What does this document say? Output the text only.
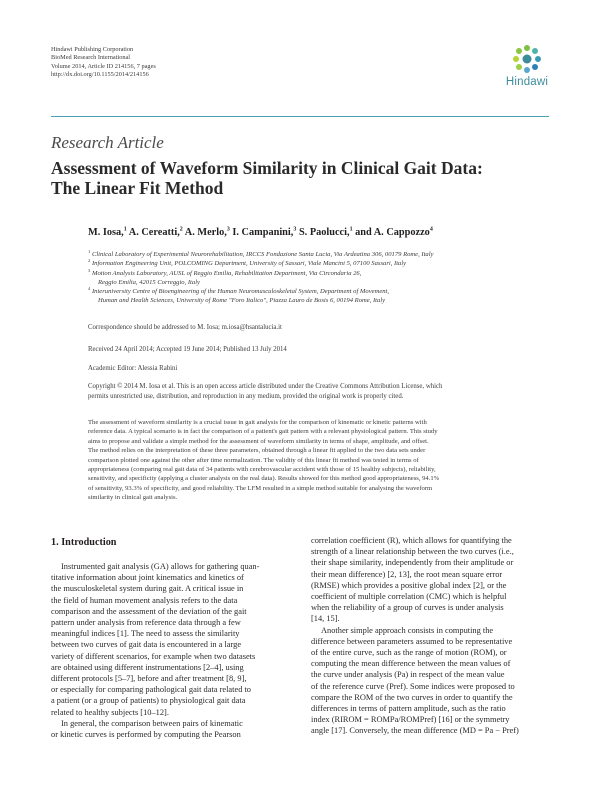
Hindawi Publishing Corporation
BioMed Research International
Volume 2014, Article ID 214156, 7 pages
http://dx.doi.org/10.1155/2014/214156
Hindawi
Research Article
Assessment of Waveform Similarity in Clinical Gait Data:
The Linear Fit Method
M. Iosa,$^1$ A. Cereatti,$^2$ A. Merlo,$^3$ I. Campanini,$^3$ S. Paolucci,$^1$ and A. Cappozzo$^4$
$^1$ Clinical Laboratory of Experimental Neurorehabilitation, IRCCS Fondazione Santa Lucia, Via Ardeatina 306, 00179 Rome, Italy
$^2$ Information Engineering Unit, POLCOMING Department, University of Sassari, Viale Mancini 5, 07100 Sassari, Italy
$^3$ Motion Analysis Laboratory, AUSL of Reggio Emilia, Rehabilitation Department, Via Circondaria 26,
Reggio Emilia, 42015 Correggio, Italy
$^4$ Interuniversity Centre of Bioengineering of the Human Neuromusculoskeletal System, Department of Movement,
Human and Health Sciences, University of Rome "Foro Italico", Piazza Lauro de Bosis 6, 00194 Rome, Italy
Correspondence should be addressed to M. Iosa; m.iosa@hsantalucia.it
Received 24 April 2014; Accepted 19 June 2014; Published 13 July 2014
Academic Editor: Alessia Rabini
Copyright © 2014 M. Iosa et al. This is an open access article distributed under the Creative Commons Attribution License, which
permits unrestricted use, distribution, and reproduction in any medium, provided the original work is properly cited.
The assessment of waveform similarity is a crucial issue in gait analysis for the comparison of kinematic or kinetic patterns with
reference data. A typical scenario is in fact the comparison of a patient's gait pattern with a relevant physiological pattern. This study
aims to propose and validate a simple method for the assessment of waveform similarity in terms of shape, amplitude, and offset.
The method relies on the interpretation of these three parameters, obtained through a linear fit applied to the two data sets under
comparison plotted one against the other after time normalization. The validity of this linear fit method was tested in terms of
appropriateness (comparing real gait data of 34 patients with cerebrovascular accident with those of 15 healthy subjects), reliability,
sensitivity, and specificity (applying a cluster analysis on the real data). Results showed for this method good appropriateness, 94.1%
of sensitivity, 93.3% of specificity, and good reliability. The LFM resulted in a simple method suitable for analysing the waveform
similarity in clinical gait analysis.
1. Introduction
Instrumented gait analysis (GA) allows for gathering quan-
titative information about joint kinematics and kinetics of
the musculoskeletal system during gait. A critical issue in
the field of human movement analysis refers to the data
comparison and the assessment of the deviation of the gait
pattern under analysis from reference data through a few
meaningful indices [1]. The need to assess the similarity
between two curves of gait data is encountered in a large
variety of different scenarios, for example when two datasets
are obtained using different instrumentations [2–4], using
different protocols [5–7], before and after treatment [8, 9],
or especially for comparing pathological gait data related to
a patient (or a group of patients) to physiological gait data
related to healthy subjects [10–12].
In general, the comparison between pairs of kinematic
or kinetic curves is performed by computing the Pearson
correlation coefficient (R), which allows for quantifying the
strength of a linear relationship between the two curves (i.e.,
their shape similarity, independently from their amplitude or
their mean difference) [2, 13], the root mean square error
(RMSE) which provides a positive global index [2], or the
coefficient of multiple correlation (CMC) which is helpful
when the reliability of a group of curves is under analysis
[14, 15].
Another simple approach consists in computing the
difference between parameters assumed to be representative
of the entire curve, such as the range of motion (ROM), or
computing the mean difference between the mean values of
the curve under analysis (Pa) in respect of the mean value
of the reference curve (Pref). Some indices were proposed to
compare the ROM of the two curves in order to quantify the
differences in terms of pattern amplitude, such as the ratio
index (RIROM = ROMPa/ROMPref) [16] or the symmetry
angle [17]. Conversely, the mean difference (MD = Pa − Pref)
